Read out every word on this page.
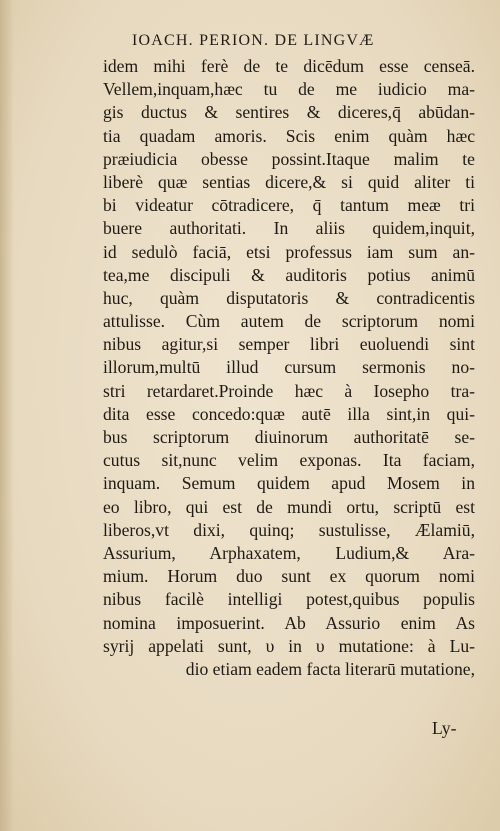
IOACH. PERION. DE LINGVÆ
idem mihi ferè de te dicēdum esse censeā.
Vellem,inquam,hæc tu de me iudicio ma-
gis ductus & sentires & diceres,q̄ abūdan-
tia quadam amoris. Scis enim quàm hæc
præiudicia obesse possint.Itaque malim te
liberè quæ sentias dicere,& si quid aliter ti
bi videatur cōtradicere, q̄ tantum meæ tri
buere authoritati. In aliis quidem,inquit,
id sedulò faciā, etsi professus iam sum an-
tea,me discipuli & auditoris potius animū
huc, quàm disputatoris & contradicentis
attulisse. Cùm autem de scriptorum nomi
nibus agitur,si semper libri euoluendi sint
illorum,multū illud cursum sermonis no-
stri retardaret.Proinde hæc à Iosepho tra-
dita esse concedo:quæ autē illa sint,in qui-
bus scriptorum diuinorum authoritatē se-
cutus sit,nunc velim exponas. Ita faciam,
inquam. Semum quidem apud Mosem in
eo libro, qui est de mundi ortu, scriptū est
liberos,vt dixi, quinq; sustulisse, Ælamiū,
Assurium, Arphaxatem, Ludium,& Ara-
mium. Horum duo sunt ex quorum nomi
nibus facilè intelligi potest,quibus populis
nomina imposuerint. Ab Assurio enim As
syrij appelati sunt, υ in υ mutatione: à Lu-
dio etiam eadem facta literarū mutatione,
Ly-
